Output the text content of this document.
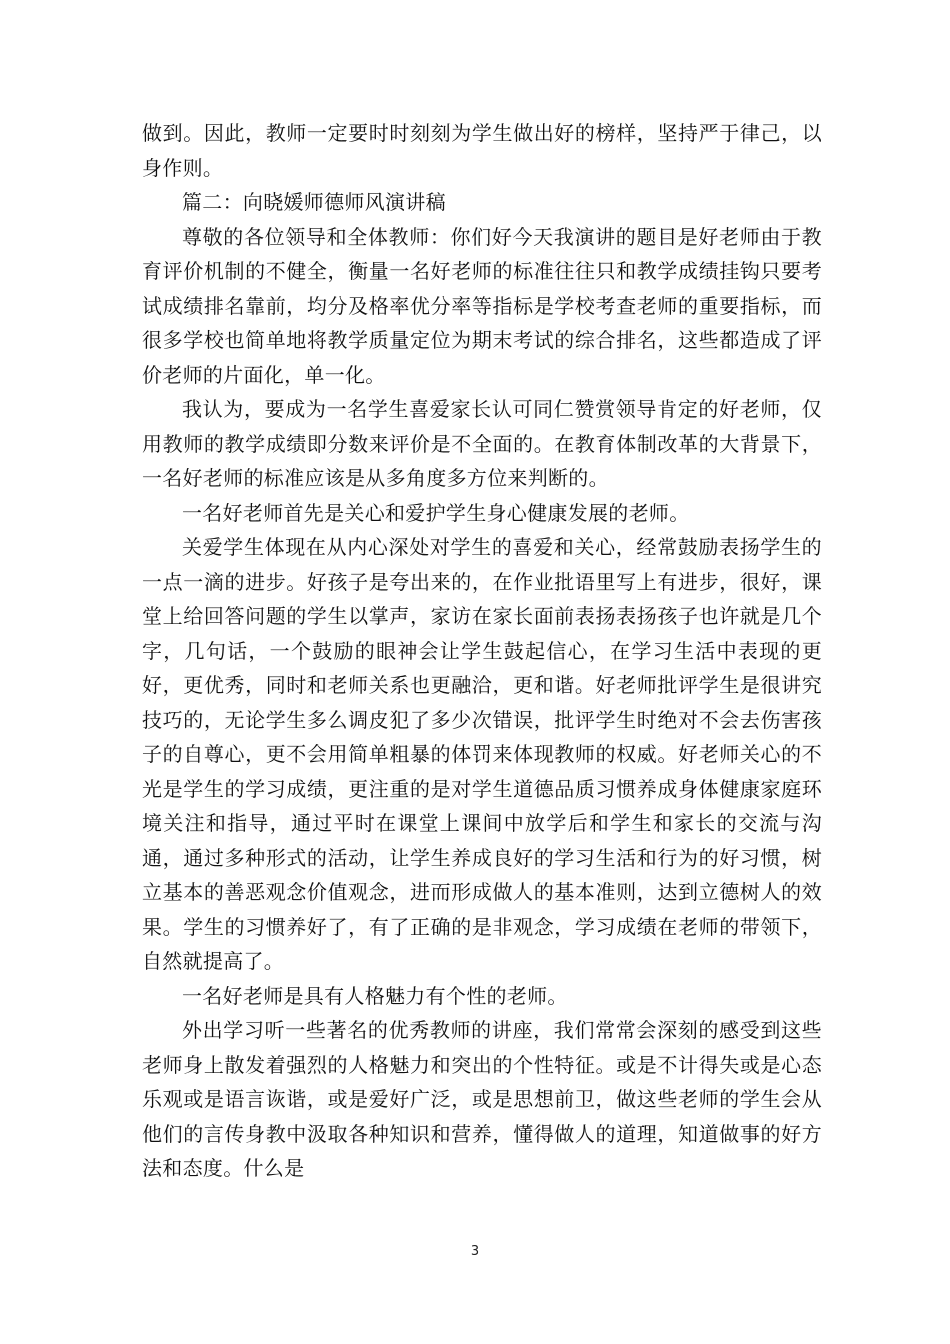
做到。因此，教师一定要时时刻刻为学生做出好的榜样，坚持严于律己，以身作则。

篇二：向晓媛师德师风演讲稿

尊敬的各位领导和全体教师：你们好今天我演讲的题目是好老师由于教育评价机制的不健全，衡量一名好老师的标准往往只和教学成绩挂钩只要考试成绩排名靠前，均分及格率优分率等指标是学校考查老师的重要指标，而很多学校也简单地将教学质量定位为期末考试的综合排名，这些都造成了评价老师的片面化，单一化。

我认为，要成为一名学生喜爱家长认可同仁赞赏领导肯定的好老师，仅用教师的教学成绩即分数来评价是不全面的。在教育体制改革的大背景下，一名好老师的标准应该是从多角度多方位来判断的。

一名好老师首先是关心和爱护学生身心健康发展的老师。

关爱学生体现在从内心深处对学生的喜爱和关心，经常鼓励表扬学生的一点一滴的进步。好孩子是夸出来的，在作业批语里写上有进步，很好，课堂上给回答问题的学生以掌声，家访在家长面前表扬表扬孩子也许就是几个字，几句话，一个鼓励的眼神会让学生鼓起信心，在学习生活中表现的更好，更优秀，同时和老师关系也更融洽，更和谐。好老师批评学生是很讲究技巧的，无论学生多么调皮犯了多少次错误，批评学生时绝对不会去伤害孩子的自尊心，更不会用简单粗暴的体罚来体现教师的权威。好老师关心的不光是学生的学习成绩，更注重的是对学生道德品质习惯养成身体健康家庭环境关注和指导，通过平时在课堂上课间中放学后和学生和家长的交流与沟通，通过多种形式的活动，让学生养成良好的学习生活和行为的好习惯，树立基本的善恶观念价值观念，进而形成做人的基本准则，达到立德树人的效果。学生的习惯养好了，有了正确的是非观念，学习成绩在老师的带领下，自然就提高了。

一名好老师是具有人格魅力有个性的老师。

外出学习听一些著名的优秀教师的讲座，我们常常会深刻的感受到这些老师身上散发着强烈的人格魅力和突出的个性特征。或是不计得失或是心态乐观或是语言诙谐，或是爱好广泛，或是思想前卫，做这些老师的学生会从他们的言传身教中汲取各种知识和营养，懂得做人的道理，知道做事的好方法和态度。什么是

3
